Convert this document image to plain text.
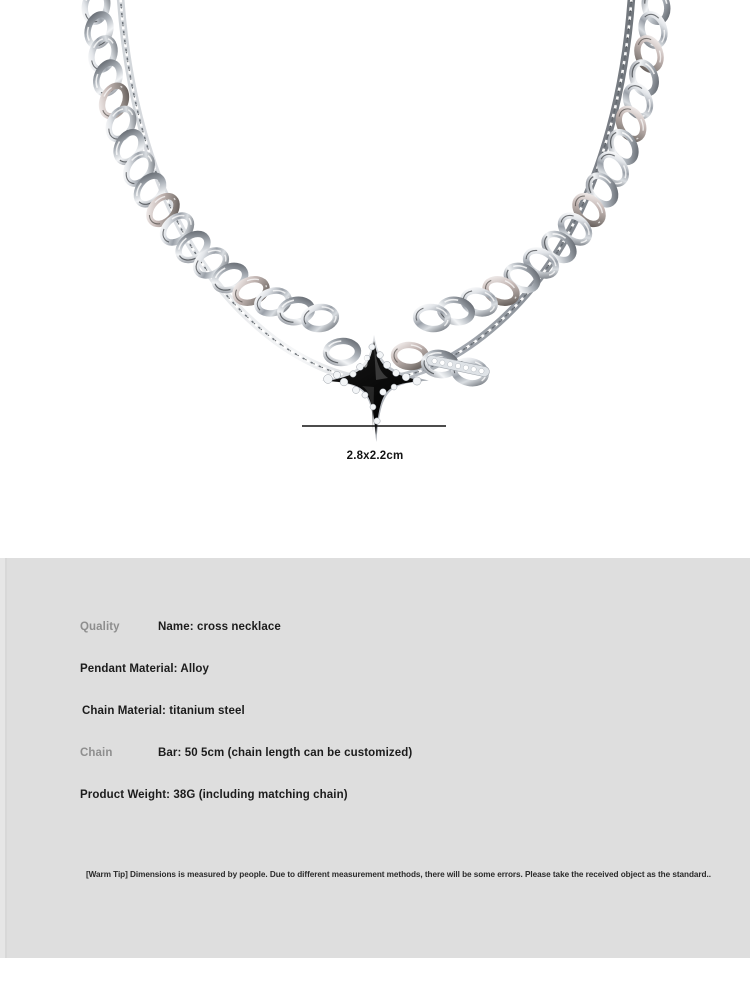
2.8x2.2cm
Quality	Name: cross necklace
Pendant Material: Alloy
Chain Material: titanium steel
Chain	Bar: 50 5cm (chain length can be customized)
Product Weight: 38G (including matching chain)
[Warm Tip] Dimensions is measured by people. Due to different measurement methods, there will be some errors. Please take the received object as the standard..
